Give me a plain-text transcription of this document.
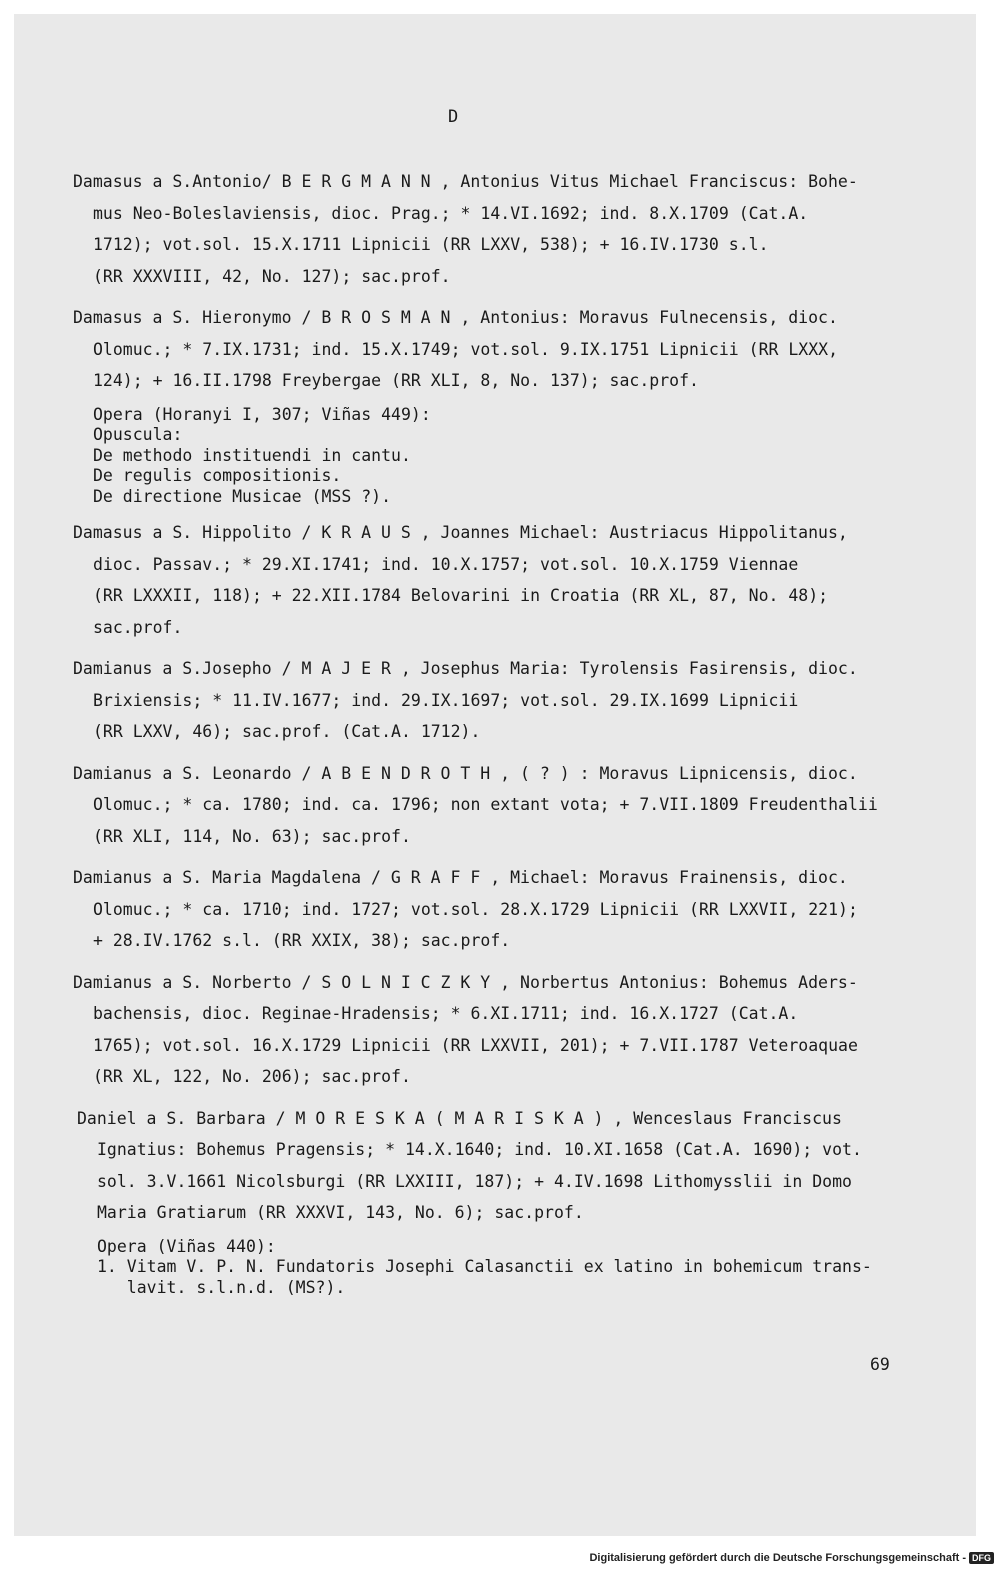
D
Damasus a S.Antonio/ B E R G M A N N , Antonius Vitus Michael Franciscus: Bohe-
mus Neo-Boleslaviensis, dioc. Prag.; * 14.VI.1692; ind. 8.X.1709 (Cat.A.
1712); vot.sol. 15.X.1711 Lipnicii (RR LXXV, 538); + 16.IV.1730 s.l.
(RR XXXVIII, 42, No. 127); sac.prof.
Damasus a S. Hieronymo / B R O S M A N , Antonius: Moravus Fulnecensis, dioc.
Olomuc.; * 7.IX.1731; ind. 15.X.1749; vot.sol. 9.IX.1751 Lipnicii (RR LXXX,
124); + 16.II.1798 Freybergae (RR XLI, 8, No. 137); sac.prof.
Opera (Horanyi I, 307; Viñas 449):
Opuscula:
De methodo instituendi in cantu.
De regulis compositionis.
De directione Musicae (MSS ?).
Damasus a S. Hippolito / K R A U S , Joannes Michael: Austriacus Hippolitanus,
dioc. Passav.; * 29.XI.1741; ind. 10.X.1757; vot.sol. 10.X.1759 Viennae
(RR LXXXII, 118); + 22.XII.1784 Belovarini in Croatia (RR XL, 87, No. 48);
sac.prof.
Damianus a S.Josepho / M A J E R , Josephus Maria: Tyrolensis Fasirensis, dioc.
Brixiensis; * 11.IV.1677; ind. 29.IX.1697; vot.sol. 29.IX.1699 Lipnicii
(RR LXXV, 46); sac.prof. (Cat.A. 1712).
Damianus a S. Leonardo / A B E N D R O T H , ( ? ) : Moravus Lipnicensis, dioc.
Olomuc.; * ca. 1780; ind. ca. 1796; non extant vota; + 7.VII.1809 Freudenthalii
(RR XLI, 114, No. 63); sac.prof.
Damianus a S. Maria Magdalena / G R A F F , Michael: Moravus Frainensis, dioc.
Olomuc.; * ca. 1710; ind. 1727; vot.sol. 28.X.1729 Lipnicii (RR LXXVII, 221);
+ 28.IV.1762 s.l. (RR XXIX, 38); sac.prof.
Damianus a S. Norberto / S O L N I C Z K Y , Norbertus Antonius: Bohemus Aders-
bachensis, dioc. Reginae-Hradensis; * 6.XI.1711; ind. 16.X.1727 (Cat.A.
1765); vot.sol. 16.X.1729 Lipnicii (RR LXXVII, 201); + 7.VII.1787 Veteroaquae
(RR XL, 122, No. 206); sac.prof.
Daniel a S. Barbara / M O R E S K A ( M A R I S K A ) , Wenceslaus Franciscus
Ignatius: Bohemus Pragensis; * 14.X.1640; ind. 10.XI.1658 (Cat.A. 1690); vot.
sol. 3.V.1661 Nicolsburgi (RR LXXIII, 187); + 4.IV.1698 Lithomysslii in Domo
Maria Gratiarum (RR XXXVI, 143, No. 6); sac.prof.
Opera (Viñas 440):
1. Vitam V. P. N. Fundatoris Josephi Calasanctii ex latino in bohemicum trans-
lavit. s.l.n.d. (MS?).
69
Digitalisierung gefördert durch die Deutsche Forschungsgemeinschaft - DFG
